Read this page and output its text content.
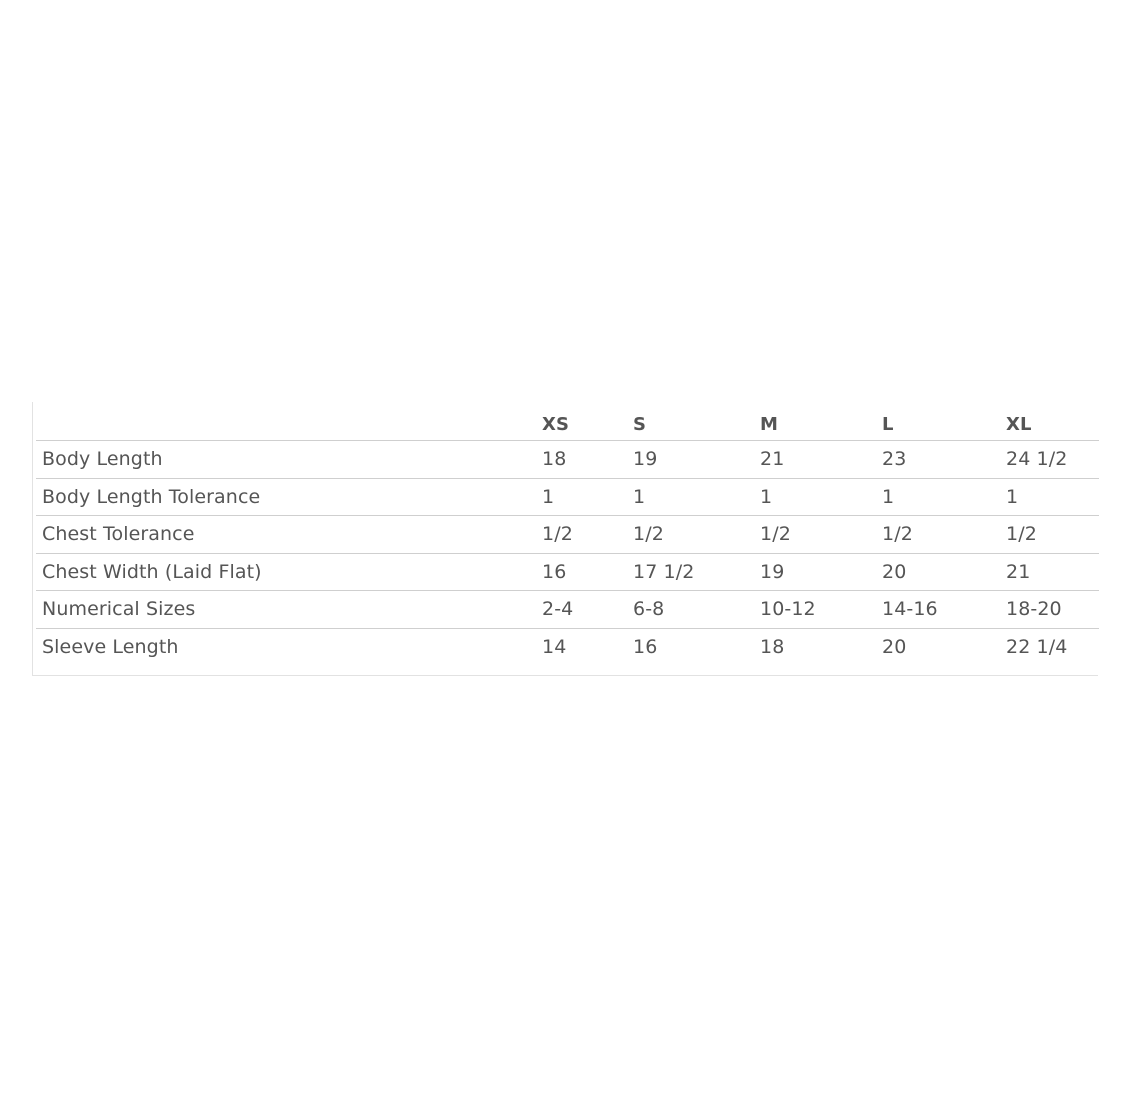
	XS	S	M	L	XL
Body Length	18	19	21	23	24 1/2
Body Length Tolerance	1	1	1	1	1
Chest Tolerance	1/2	1/2	1/2	1/2	1/2
Chest Width (Laid Flat)	16	17 1/2	19	20	21
Numerical Sizes	2-4	6-8	10-12	14-16	18-20
Sleeve Length	14	16	18	20	22 1/4
